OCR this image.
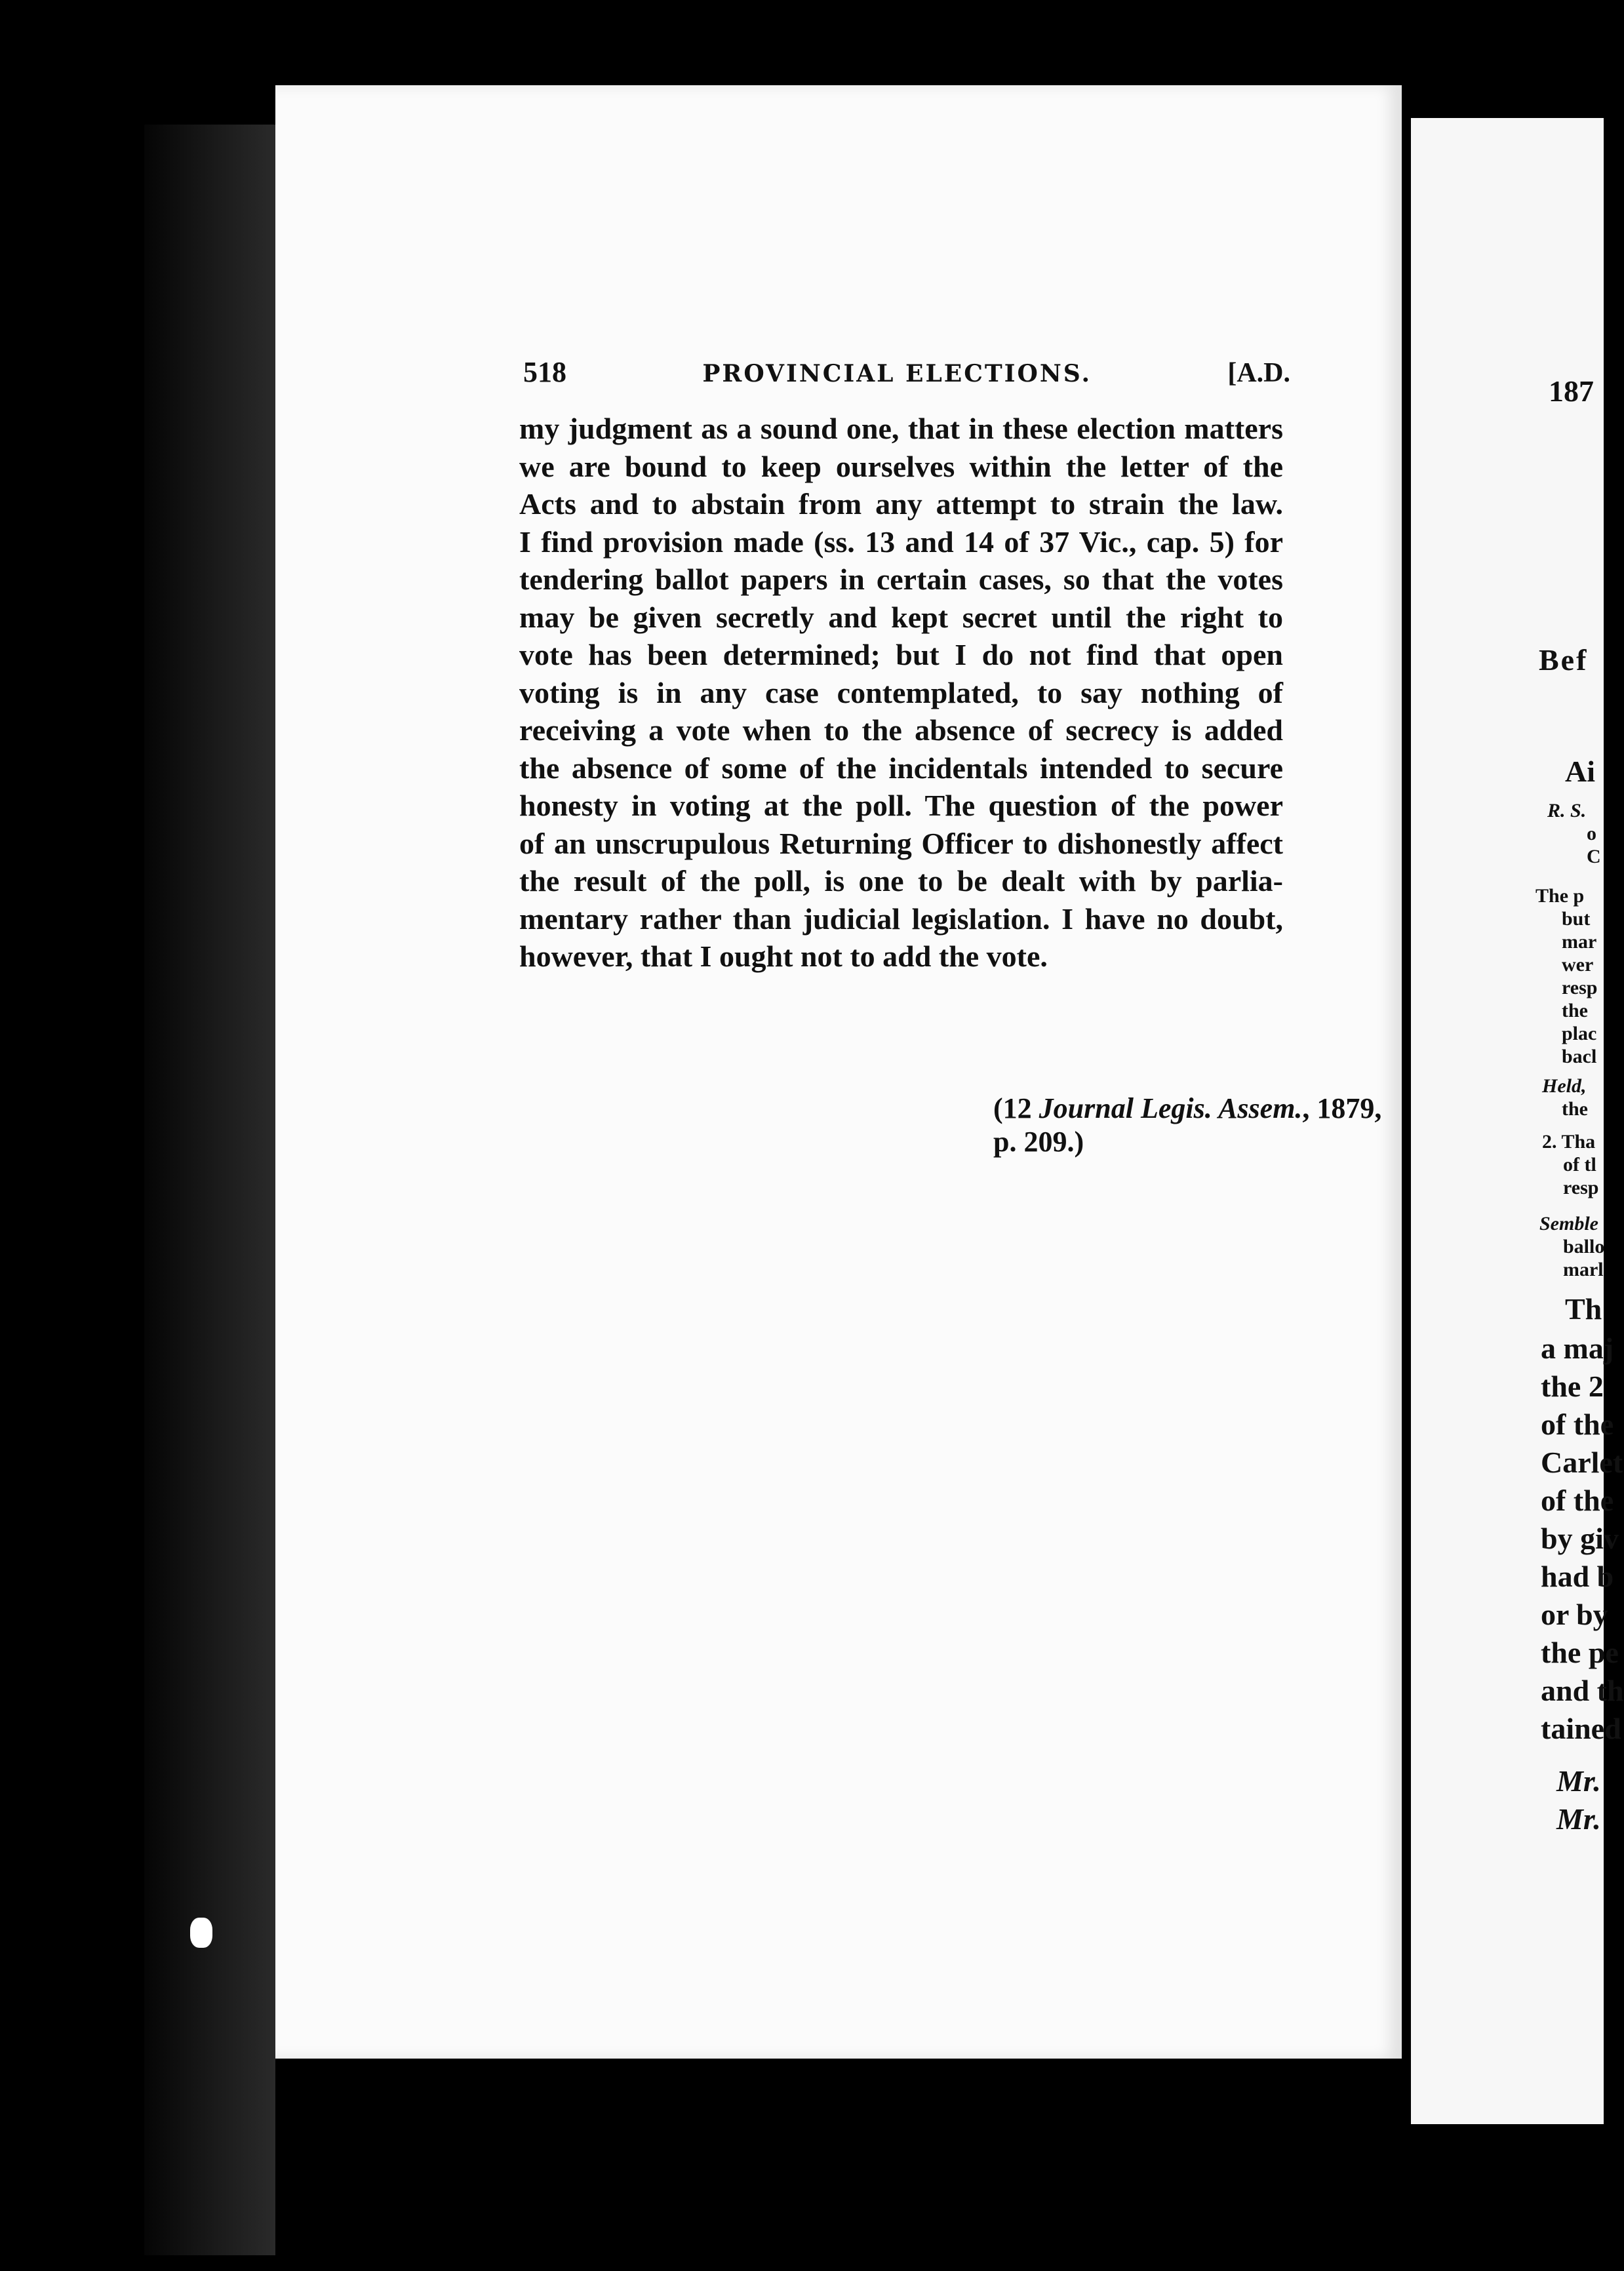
518	PROVINCIAL ELECTIONS.	[A.D.
my judgment as a sound one, that in these election matters
we are bound to keep ourselves within the letter of the
Acts and to abstain from any attempt to strain the law.
I find provision made (ss. 13 and 14 of 37 Vic., cap. 5) for
tendering ballot papers in certain cases, so that the votes
may be given secretly and kept secret until the right to
vote has been determined; but I do not find that open
voting is in any case contemplated, to say nothing of
receiving a vote when to the absence of secrecy is added
the absence of some of the incidentals intended to secure
honesty in voting at the poll. The question of the power
of an unscrupulous Returning Officer to dishonestly affect
the result of the poll, is one to be dealt with by parlia-
mentary rather than judicial legislation. I have no doubt,
however, that I ought not to add the vote.
(12 Journal Legis. Assem., 1879, p. 209.)
187
Bef
Ai
R. S.
o
C
The p
but
mar
wer
resp
the
plac
bacl
Held,
the
2. Tha
of tl
resp
Semble
ballo
marl
Th
a maj
the 2
of the
Carlet
of the
by giv
had b
or by
the pe
and th
tained
Mr.
Mr.
